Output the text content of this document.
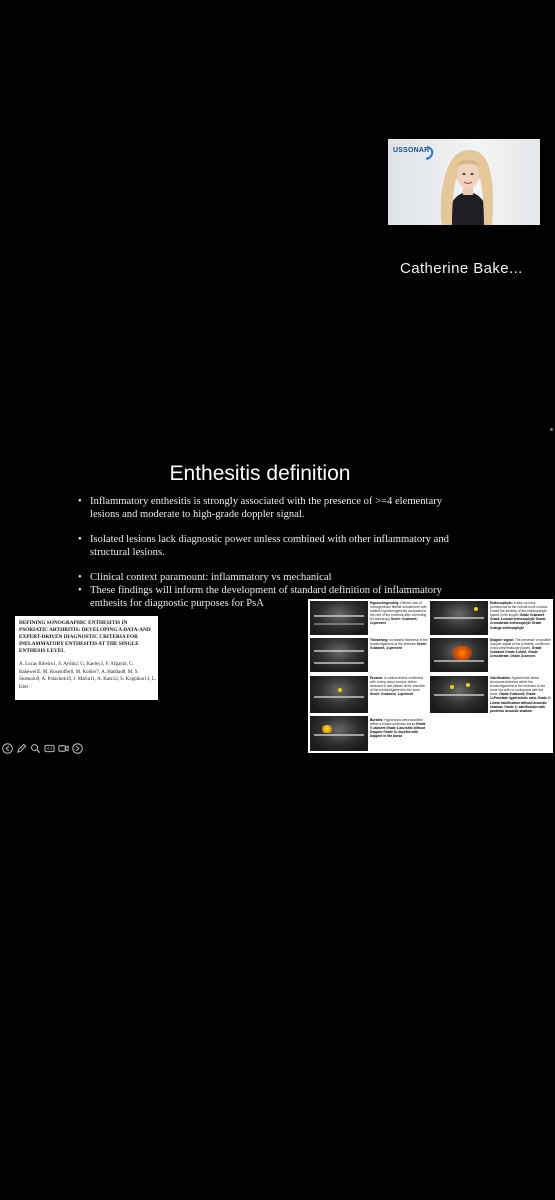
USSONAR
Catherine Bake...
Enthesitis definition
• Inflammatory enthesitis is strongly associated with the presence of >=4 elementary lesions and moderate to high-grade doppler signal.
• Isolated lesions lack diagnostic power unless combined with other inflammatory and structural lesions.
• Clinical context paramount: inflammatory vs mechanical
• These findings will inform the development of standard definition of inflammatory enthesits for diagnostic purposes for PsA
DEFINING SONOGRAPHIC ENTHESITIS IN PSORIATIC ARTHRITIS: DEVELOPING A DATA-AND EXPERT-DRIVEN DIAGNOSTIC CRITERIA FOR INFLAMMATORY ENTHESITIS AT THE SINGLE ENTHESIS LEVEL
A. Lucas Ribeiro1, S. Aydin2, G. Kaeley3, F. Afgani4, C. Bakewell5, M. Rosemffet6, M. Kohler7, A. Haddad8, M. S. Stoenoiu9, A. Polachek10, J. Marin11, A. Katz12, S. Koppikar13, L. Eder
Hypoechogenicity: Distinct loss of homogeneous fibrillar echotexture with relative hypoechogenicity compared to the rest of the enthesis after correcting for anisotropy Score: 0=absent, 1=present
Enthesophyte: A step-up bony prominence at the normal bone contour. Grade the severity of the enthesophyte based on its length: Grade 0=absent Grade 1=small enthesophyte Grade 2=moderate enthesophyte Grade 3=large enthesophyte
Thickening: Increased thickness of the tendon/ligament at the enthesis Score: 0=absent, 1=present
Doppler signal: The presence of positive Doppler signal at the enthesis, confirmed in two perpendicular planes. Grade 0=absent Grade 1=mild, Grade 2=moderate, Grade 3=severe.
Erosion: A cortical defect confirmed with a step-down contour defect detected in two planes at the insertion of the tendon/ligament to the bone Score: 0=absent, 1=present
Calcification: Hyperechoic linear structures detected within the tendon/ligament at the insertion to the bone but with no contiguous with the bone. Grade 0=absent; Grade 1=Punctate hyperechoic area, Grade 2: Linear calcification without acoustic shadow; Grade 3: calcification with posterior acoustic shadow
Bursitis: Hypoechoic area localized within a known anatomic bursa Grade 0 =absent Grade 1=bursitis without Doppler Grade 2= bursitis with Doppler in the bursa
